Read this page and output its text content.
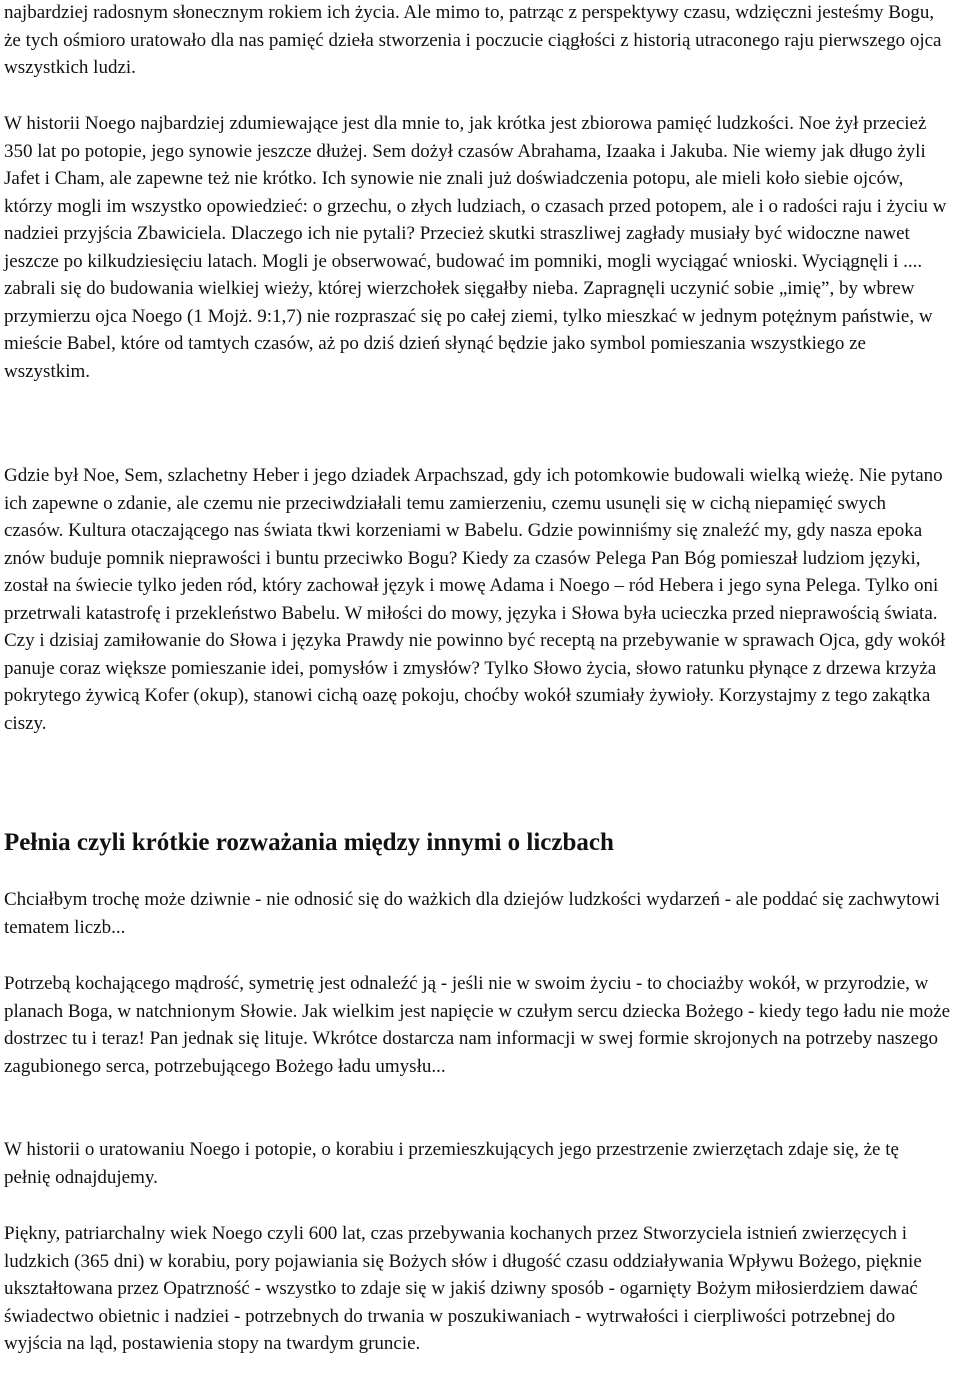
najbardziej radosnym słonecznym rokiem ich życia. Ale mimo to, patrząc z perspektywy czasu, wdzięczni jesteśmy Bogu, że tych ośmioro uratowało dla nas pamięć dzieła stworzenia i poczucie ciągłości z historią utraconego raju pierwszego ojca wszystkich ludzi.

W historii Noego najbardziej zdumiewające jest dla mnie to, jak krótka jest zbiorowa pamięć ludzkości. Noe żył przecież 350 lat po potopie, jego synowie jeszcze dłużej. Sem dożył czasów Abrahama, Izaaka i Jakuba. Nie wiemy jak długo żyli Jafet i Cham, ale zapewne też nie krótko. Ich synowie nie znali już doświadczenia potopu, ale mieli koło siebie ojców, którzy mogli im wszystko opowiedzieć: o grzechu, o złych ludziach, o czasach przed potopem, ale i o radości raju i życiu w nadziei przyjścia Zbawiciela. Dlaczego ich nie pytali? Przecież skutki straszliwej zagłady musiały być widoczne nawet jeszcze po kilkudziesięciu latach. Mogli je obserwować, budować im pomniki, mogli wyciągać wnioski. Wyciągnęli i .... zabrali się do budowania wielkiej wieży, której wierzchołek sięgałby nieba. Zapragnęli uczynić sobie „imię”, by wbrew przymierzu ojca Noego (1 Mojż. 9:1,7) nie rozpraszać się po całej ziemi, tylko mieszkać w jednym potężnym państwie, w mieście Babel, które od tamtych czasów, aż po dziś dzień słynąć będzie jako symbol pomieszania wszystkiego ze wszystkim.

Gdzie był Noe, Sem, szlachetny Heber i jego dziadek Arpachszad, gdy ich potomkowie budowali wielką wieżę. Nie pytano ich zapewne o zdanie, ale czemu nie przeciwdziałali temu zamierzeniu, czemu usunęli się w cichą niepamięć swych czasów. Kultura otaczającego nas świata tkwi korzeniami w Babelu. Gdzie powinniśmy się znaleźć my, gdy nasza epoka znów buduje pomnik nieprawości i buntu przeciwko Bogu? Kiedy za czasów Pelega Pan Bóg pomieszał ludziom języki, został na świecie tylko jeden ród, który zachował język i mowę Adama i Noego – ród Hebera i jego syna Pelega. Tylko oni przetrwali katastrofę i przekleństwo Babelu. W miłości do mowy, języka i Słowa była ucieczka przed nieprawością świata. Czy i dzisiaj zamiłowanie do Słowa i języka Prawdy nie powinno być receptą na przebywanie w sprawach Ojca, gdy wokół panuje coraz większe pomieszanie idei, pomysłów i zmysłów? Tylko Słowo życia, słowo ratunku płynące z drzewa krzyża pokrytego żywicą Kofer (okup), stanowi cichą oazę pokoju, choćby wokół szumiały żywioły. Korzystajmy z tego zakątka ciszy.

Pełnia czyli krótkie rozważania między innymi o liczbach

Chciałbym trochę może dziwnie - nie odnosić się do ważkich dla dziejów ludzkości wydarzeń - ale poddać się zachwytowi tematem liczb...

Potrzebą kochającego mądrość, symetrię jest odnaleźć ją - jeśli nie w swoim życiu - to chociażby wokół, w przyrodzie, w planach Boga, w natchnionym Słowie. Jak wielkim jest napięcie w czułym sercu dziecka Bożego - kiedy tego ładu nie może dostrzec tu i teraz! Pan jednak się lituje. Wkrótce dostarcza nam informacji w swej formie skrojonych na potrzeby naszego zagubionego serca, potrzebującego Bożego ładu umysłu...

W historii o uratowaniu Noego i potopie, o korabiu i przemieszkujących jego przestrzenie zwierzętach zdaje się, że tę pełnię odnajdujemy.

Piękny, patriarchalny wiek Noego czyli 600 lat, czas przebywania kochanych przez Stworzyciela istnień zwierzęcych i ludzkich (365 dni) w korabiu, pory pojawiania się Bożych słów i długość czasu oddziaływania Wpływu Bożego, pięknie ukształtowana przez Opatrzność - wszystko to zdaje się w jakiś dziwny sposób - ogarnięty Bożym miłosierdziem dawać świadectwo obietnic i nadziei - potrzebnych do trwania w poszukiwaniach - wytrwałości i cierpliwości potrzebnej do wyjścia na ląd, postawienia stopy na twardym gruncie.
